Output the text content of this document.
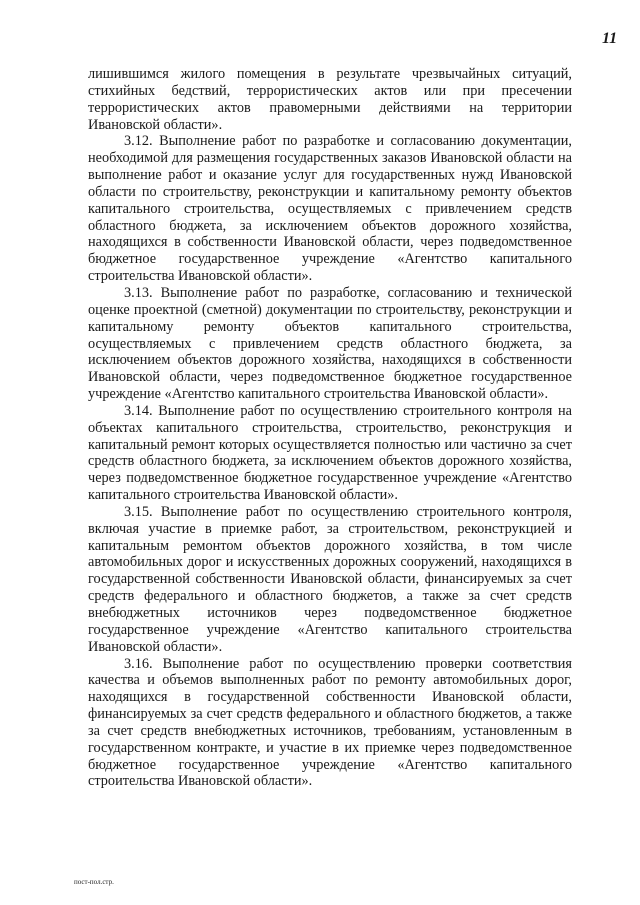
11

лишившимся жилого помещения в результате чрезвычайных ситуаций, стихийных бедствий, террористических актов или при пресечении террористических актов правомерными действиями на территории Ивановской области».

3.12. Выполнение работ по разработке и согласованию документации, необходимой для размещения государственных заказов Ивановской области на выполнение работ и оказание услуг для государственных нужд Ивановской области по строительству, реконструкции и капитальному ремонту объектов капитального строительства, осуществляемых с привлечением средств областного бюджета, за исключением объектов дорожного хозяйства, находящихся в собственности Ивановской области, через подведомственное бюджетное государственное учреждение «Агентство капитального строительства Ивановской области».

3.13. Выполнение работ по разработке, согласованию и технической оценке проектной (сметной) документации по строительству, реконструкции и капитальному ремонту объектов капитального строительства, осуществляемых с привлечением средств областного бюджета, за исключением объектов дорожного хозяйства, находящихся в собственности Ивановской области, через подведомственное бюджетное государственное учреждение «Агентство капитального строительства Ивановской области».

3.14. Выполнение работ по осуществлению строительного контроля на объектах капитального строительства, строительство, реконструкция и капитальный ремонт которых осуществляется полностью или частично за счет средств областного бюджета, за исключением объектов дорожного хозяйства, через подведомственное бюджетное государственное учреждение «Агентство капитального строительства Ивановской области».

3.15. Выполнение работ по осуществлению строительного контроля, включая участие в приемке работ, за строительством, реконструкцией и капитальным ремонтом объектов дорожного хозяйства, в том числе автомобильных дорог и искусственных дорожных сооружений, находящихся в государственной собственности Ивановской области, финансируемых за счет средств федерального и областного бюджетов, а также за счет средств внебюджетных источников через подведомственное бюджетное государственное учреждение «Агентство капитального строительства Ивановской области».

3.16. Выполнение работ по осуществлению проверки соответствия качества и объемов выполненных работ по ремонту автомобильных дорог, находящихся в государственной собственности Ивановской области, финансируемых за счет средств федерального и областного бюджетов, а также за счет средств внебюджетных источников, требованиям, установленным в государственном контракте, и участие в их приемке через подведомственное бюджетное государственное учреждение «Агентство капитального строительства Ивановской области».

пост-пол.стр.
